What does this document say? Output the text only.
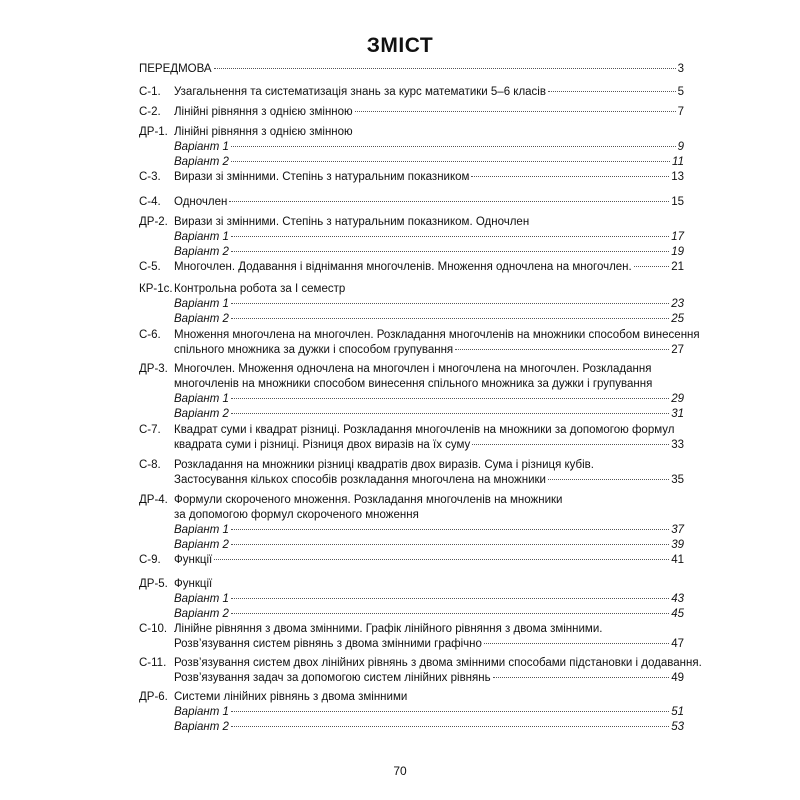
ЗМІСТ
ПЕРЕДМОВА	3
С-1.	Узагальнення та систематизація знань за курс математики 5–6 класів	5
С-2.	Лінійні рівняння з однією змінною	7
ДР-1. Лінійні рівняння з однією змінною
Варіант 1	9
Варіант 2	11
С-3.	Вирази зі змінними. Степінь з натуральним показником	13
С-4.	Одночлен	15
ДР-2. Вирази зі змінними. Степінь з натуральним показником. Одночлен
Варіант 1	17
Варіант 2	19
С-5.	Многочлен. Додавання і віднімання многочленів. Множення одночлена на многочлен.	21
КР-1с. Контрольна робота за І семестр
Варіант 1	23
Варіант 2	25
С-6.	Множення многочлена на многочлен. Розкладання многочленів на множники способом винесення
спільного множника за дужки і способом групування	27
ДР-3. Многочлен. Множення одночлена на многочлен і многочлена на многочлен. Розкладання
многочленів на множники способом винесення спільного множника за дужки і групування
Варіант 1	29
Варіант 2	31
С-7.	Квадрат суми і квадрат різниці. Розкладання многочленів на множники за допомогою формул
квадрата суми і різниці. Різниця двох виразів на їх суму	33
С-8.	Розкладання на множники різниці квадратів двох виразів. Сума і різниця кубів.
Застосування кількох способів розкладання многочлена на множники	35
ДР-4. Формули скороченого множення. Розкладання многочленів на множники
за допомогою формул скороченого множення
Варіант 1	37
Варіант 2	39
С-9.	Функції	41
ДР-5. Функції
Варіант 1	43
Варіант 2	45
С-10. Лінійне рівняння з двома змінними. Графік лінійного рівняння з двома змінними.
Розв’язування систем рівнянь з двома змінними графічно	47
С-11. Розв’язування систем двох лінійних рівнянь з двома змінними способами підстановки і додавання.
Розв’язування задач за допомогою систем лінійних рівнянь	49
ДР-6. Системи лінійних рівнянь з двома змінними
Варіант 1	51
Варіант 2	53
70
